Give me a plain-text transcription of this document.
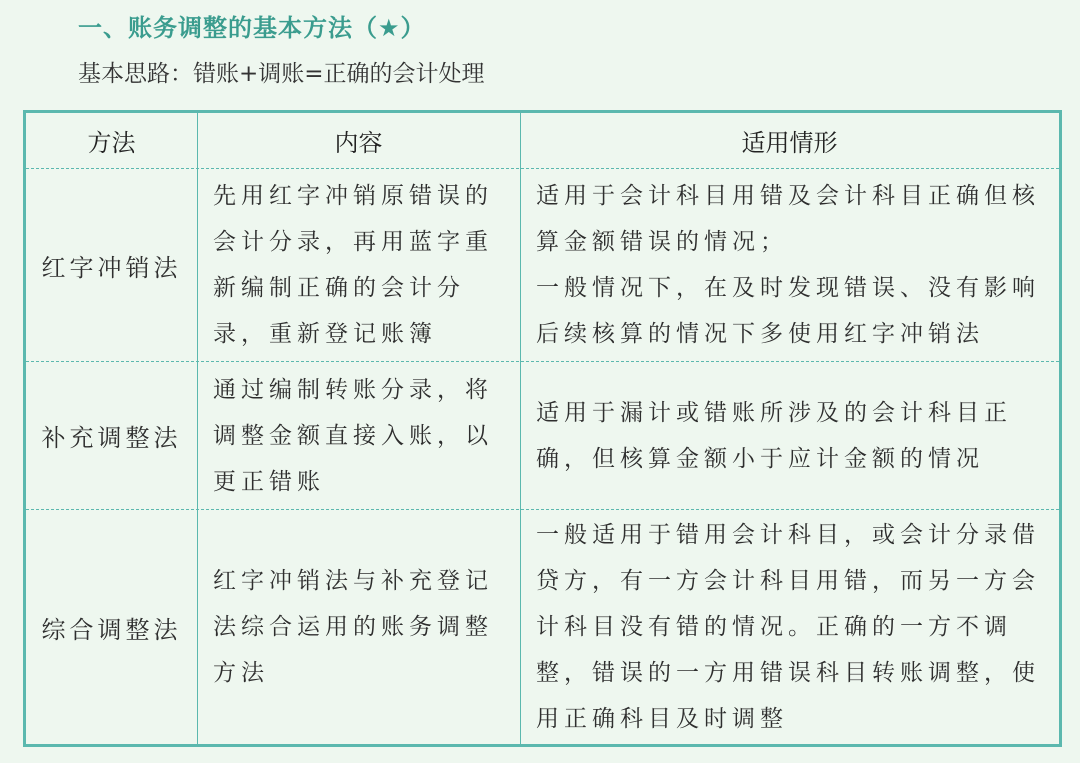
一、账务调整的基本方法（★）
基本思路：错账+调账=正确的会计处理
方法	内容	适用情形
红字冲销法
先用红字冲销原错误的会计分录，再用蓝字重新编制正确的会计分录，重新登记账簿
适用于会计科目用错及会计科目正确但核算金额错误的情况；
一般情况下，在及时发现错误、没有影响后续核算的情况下多使用红字冲销法
补充调整法
通过编制转账分录，将调整金额直接入账，以更正错账
适用于漏计或错账所涉及的会计科目正确，但核算金额小于应计金额的情况
综合调整法
红字冲销法与补充登记法综合运用的账务调整方法
一般适用于错用会计科目，或会计分录借贷方，有一方会计科目用错，而另一方会计科目没有错的情况。正确的一方不调整，错误的一方用错误科目转账调整，使用正确科目及时调整
